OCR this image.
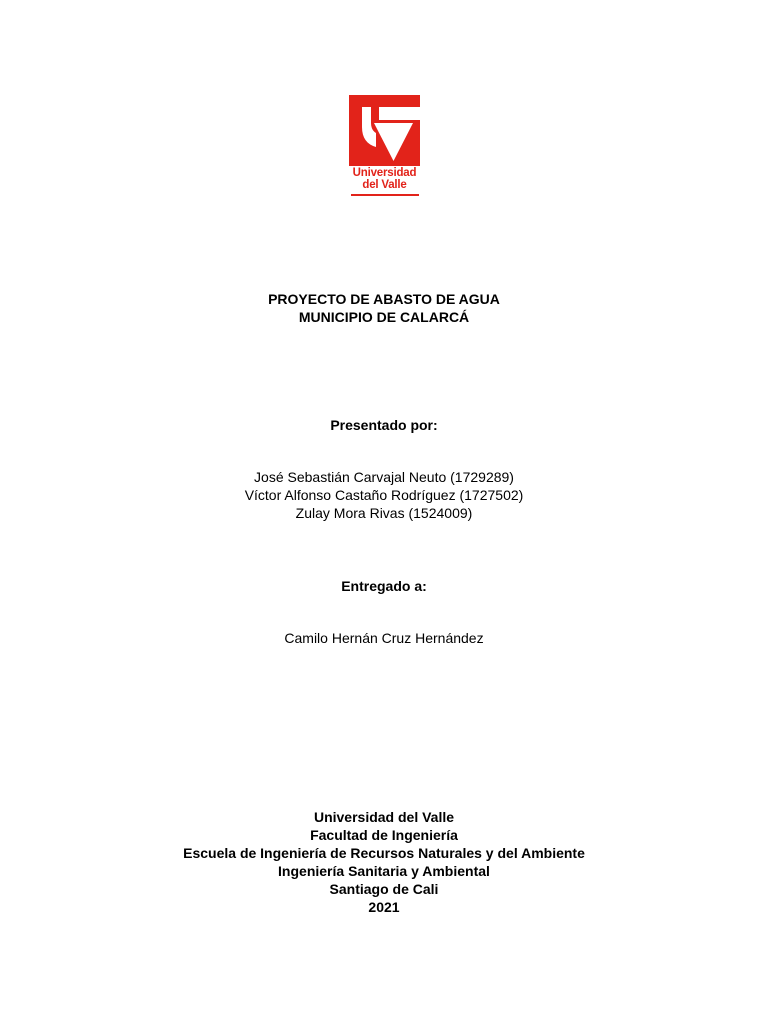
Universidad
del Valle
PROYECTO DE ABASTO DE AGUA
MUNICIPIO DE CALARCÁ
Presentado por:
José Sebastián Carvajal Neuto (1729289)
Víctor Alfonso Castaño Rodríguez (1727502)
Zulay Mora Rivas (1524009)
Entregado a:
Camilo Hernán Cruz Hernández
Universidad del Valle
Facultad de Ingeniería
Escuela de Ingeniería de Recursos Naturales y del Ambiente
Ingeniería Sanitaria y Ambiental
Santiago de Cali
2021
